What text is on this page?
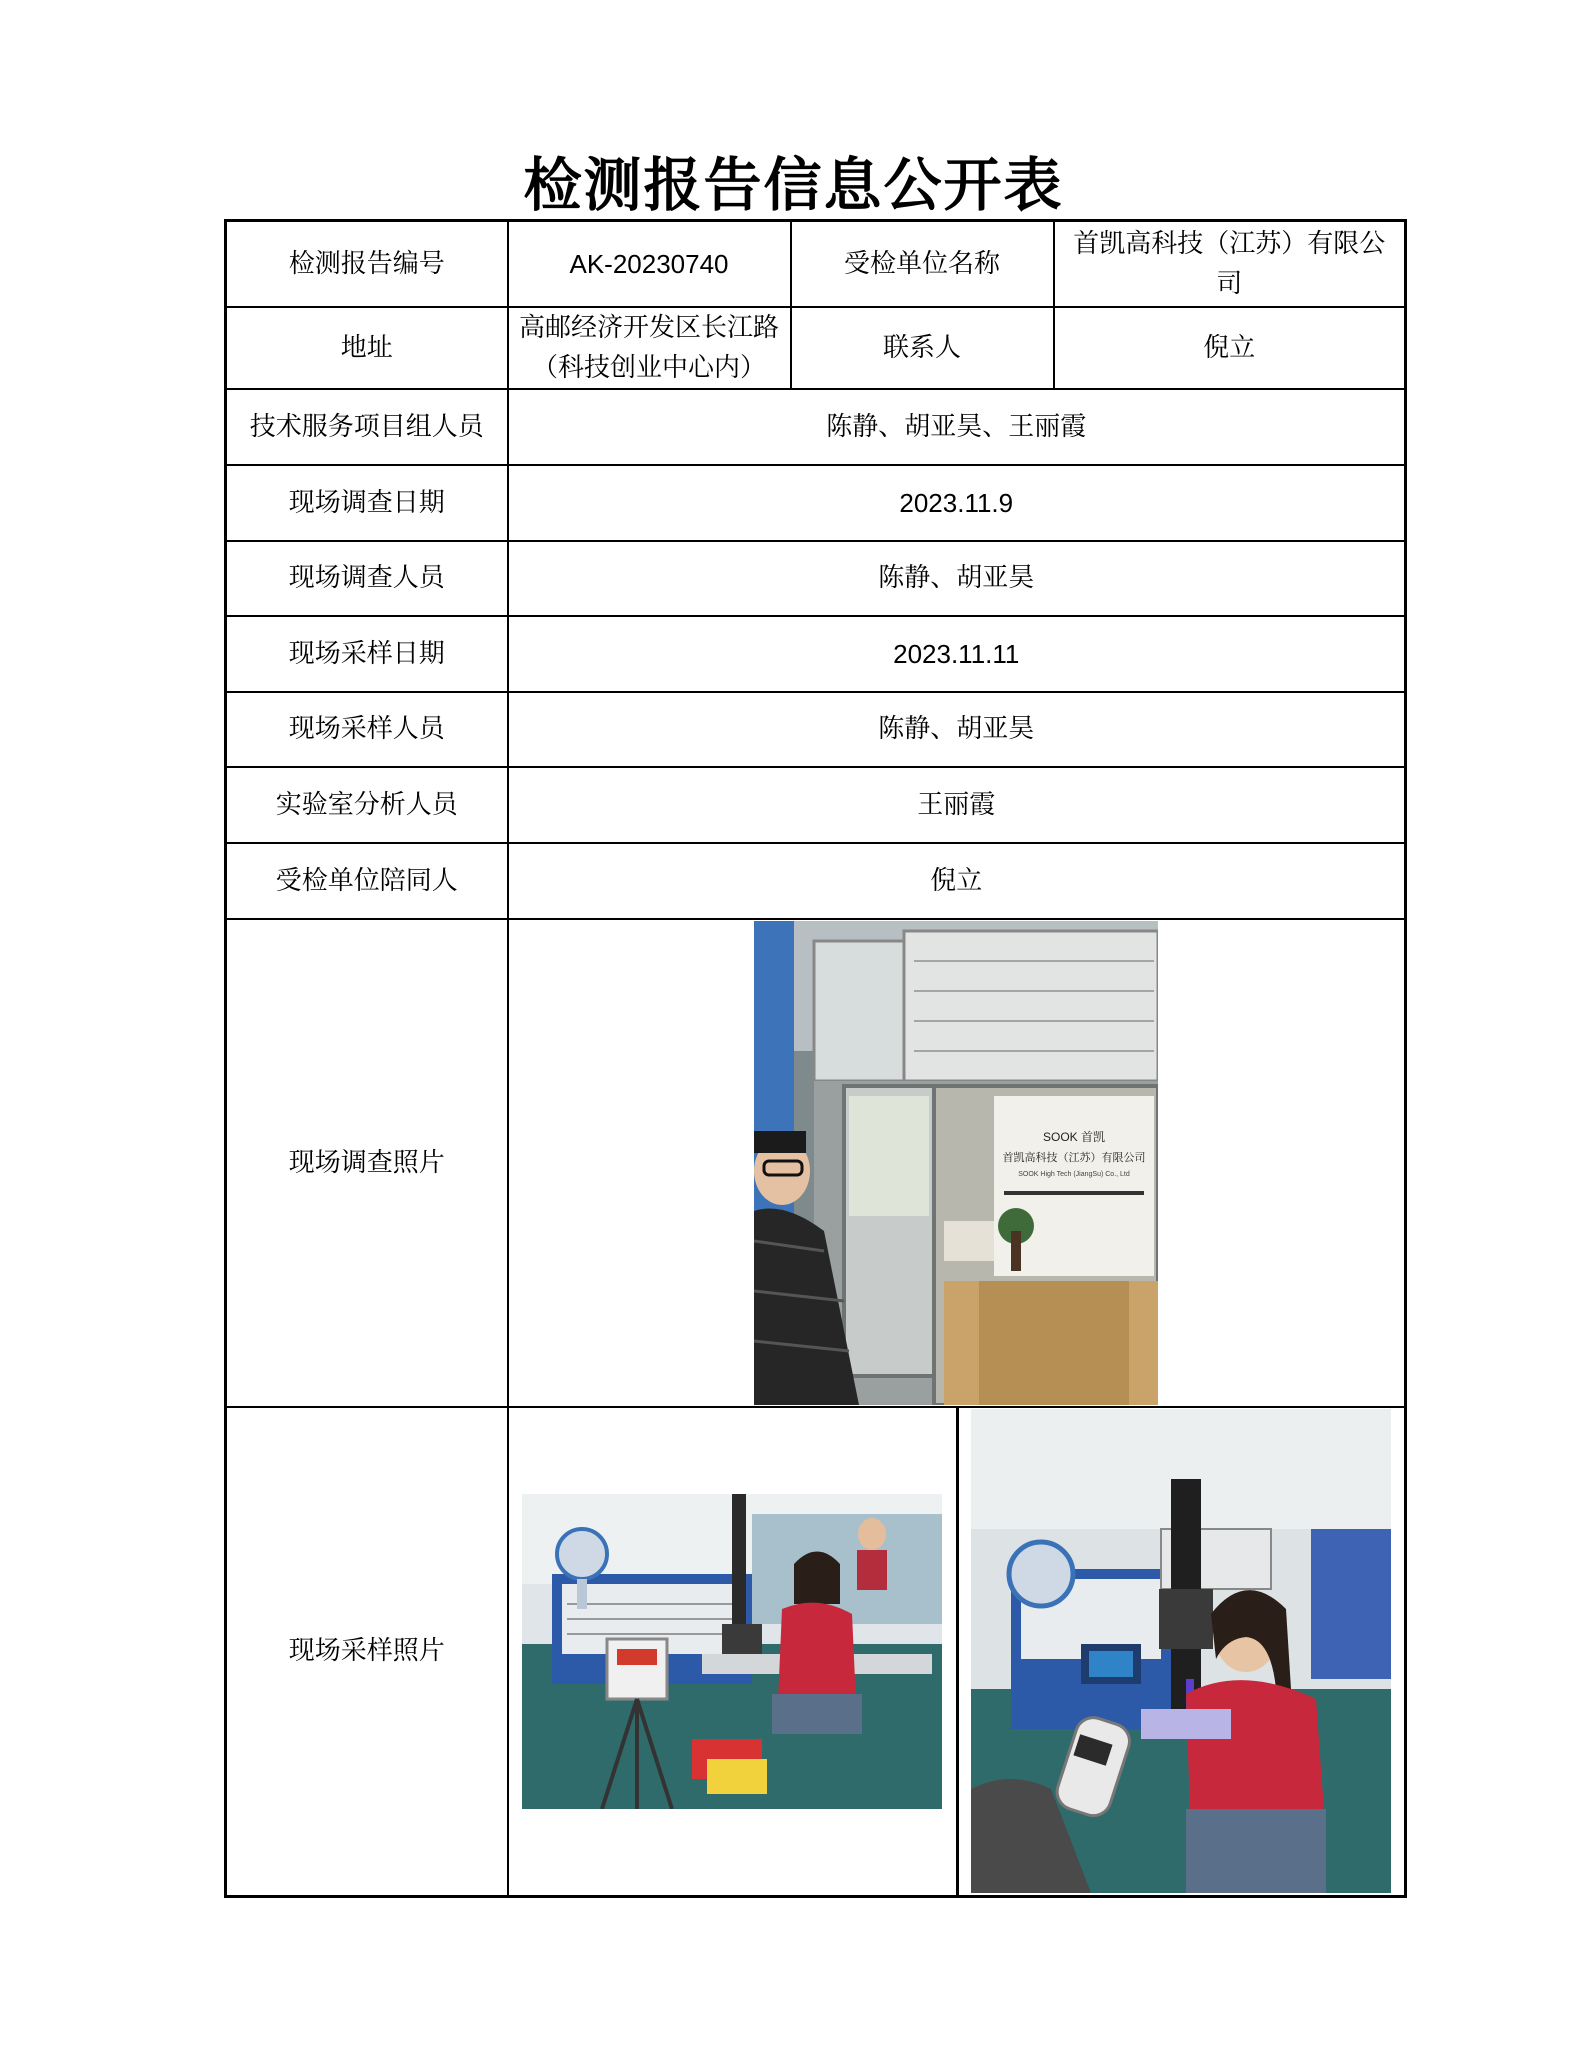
检测报告信息公开表
检测报告编号	AK-20230740	受检单位名称	首凯高科技（江苏）有限公司
地址	高邮经济开发区长江路（科技创业中心内）	联系人	倪立
技术服务项目组人员	陈静、胡亚昊、王丽霞		
现场调查日期	2023.11.9		
现场调查人员	陈静、胡亚昊		
现场采样日期	2023.11.11		
现场采样人员	陈静、胡亚昊		
实验室分析人员	王丽霞		
受检单位陪同人	倪立		
现场调查照片	SOOK 首凯
首凯高科技（江苏）有限公司
SOOK High Tech (JiangSu) Co., Ltd		

现场采样照片	
